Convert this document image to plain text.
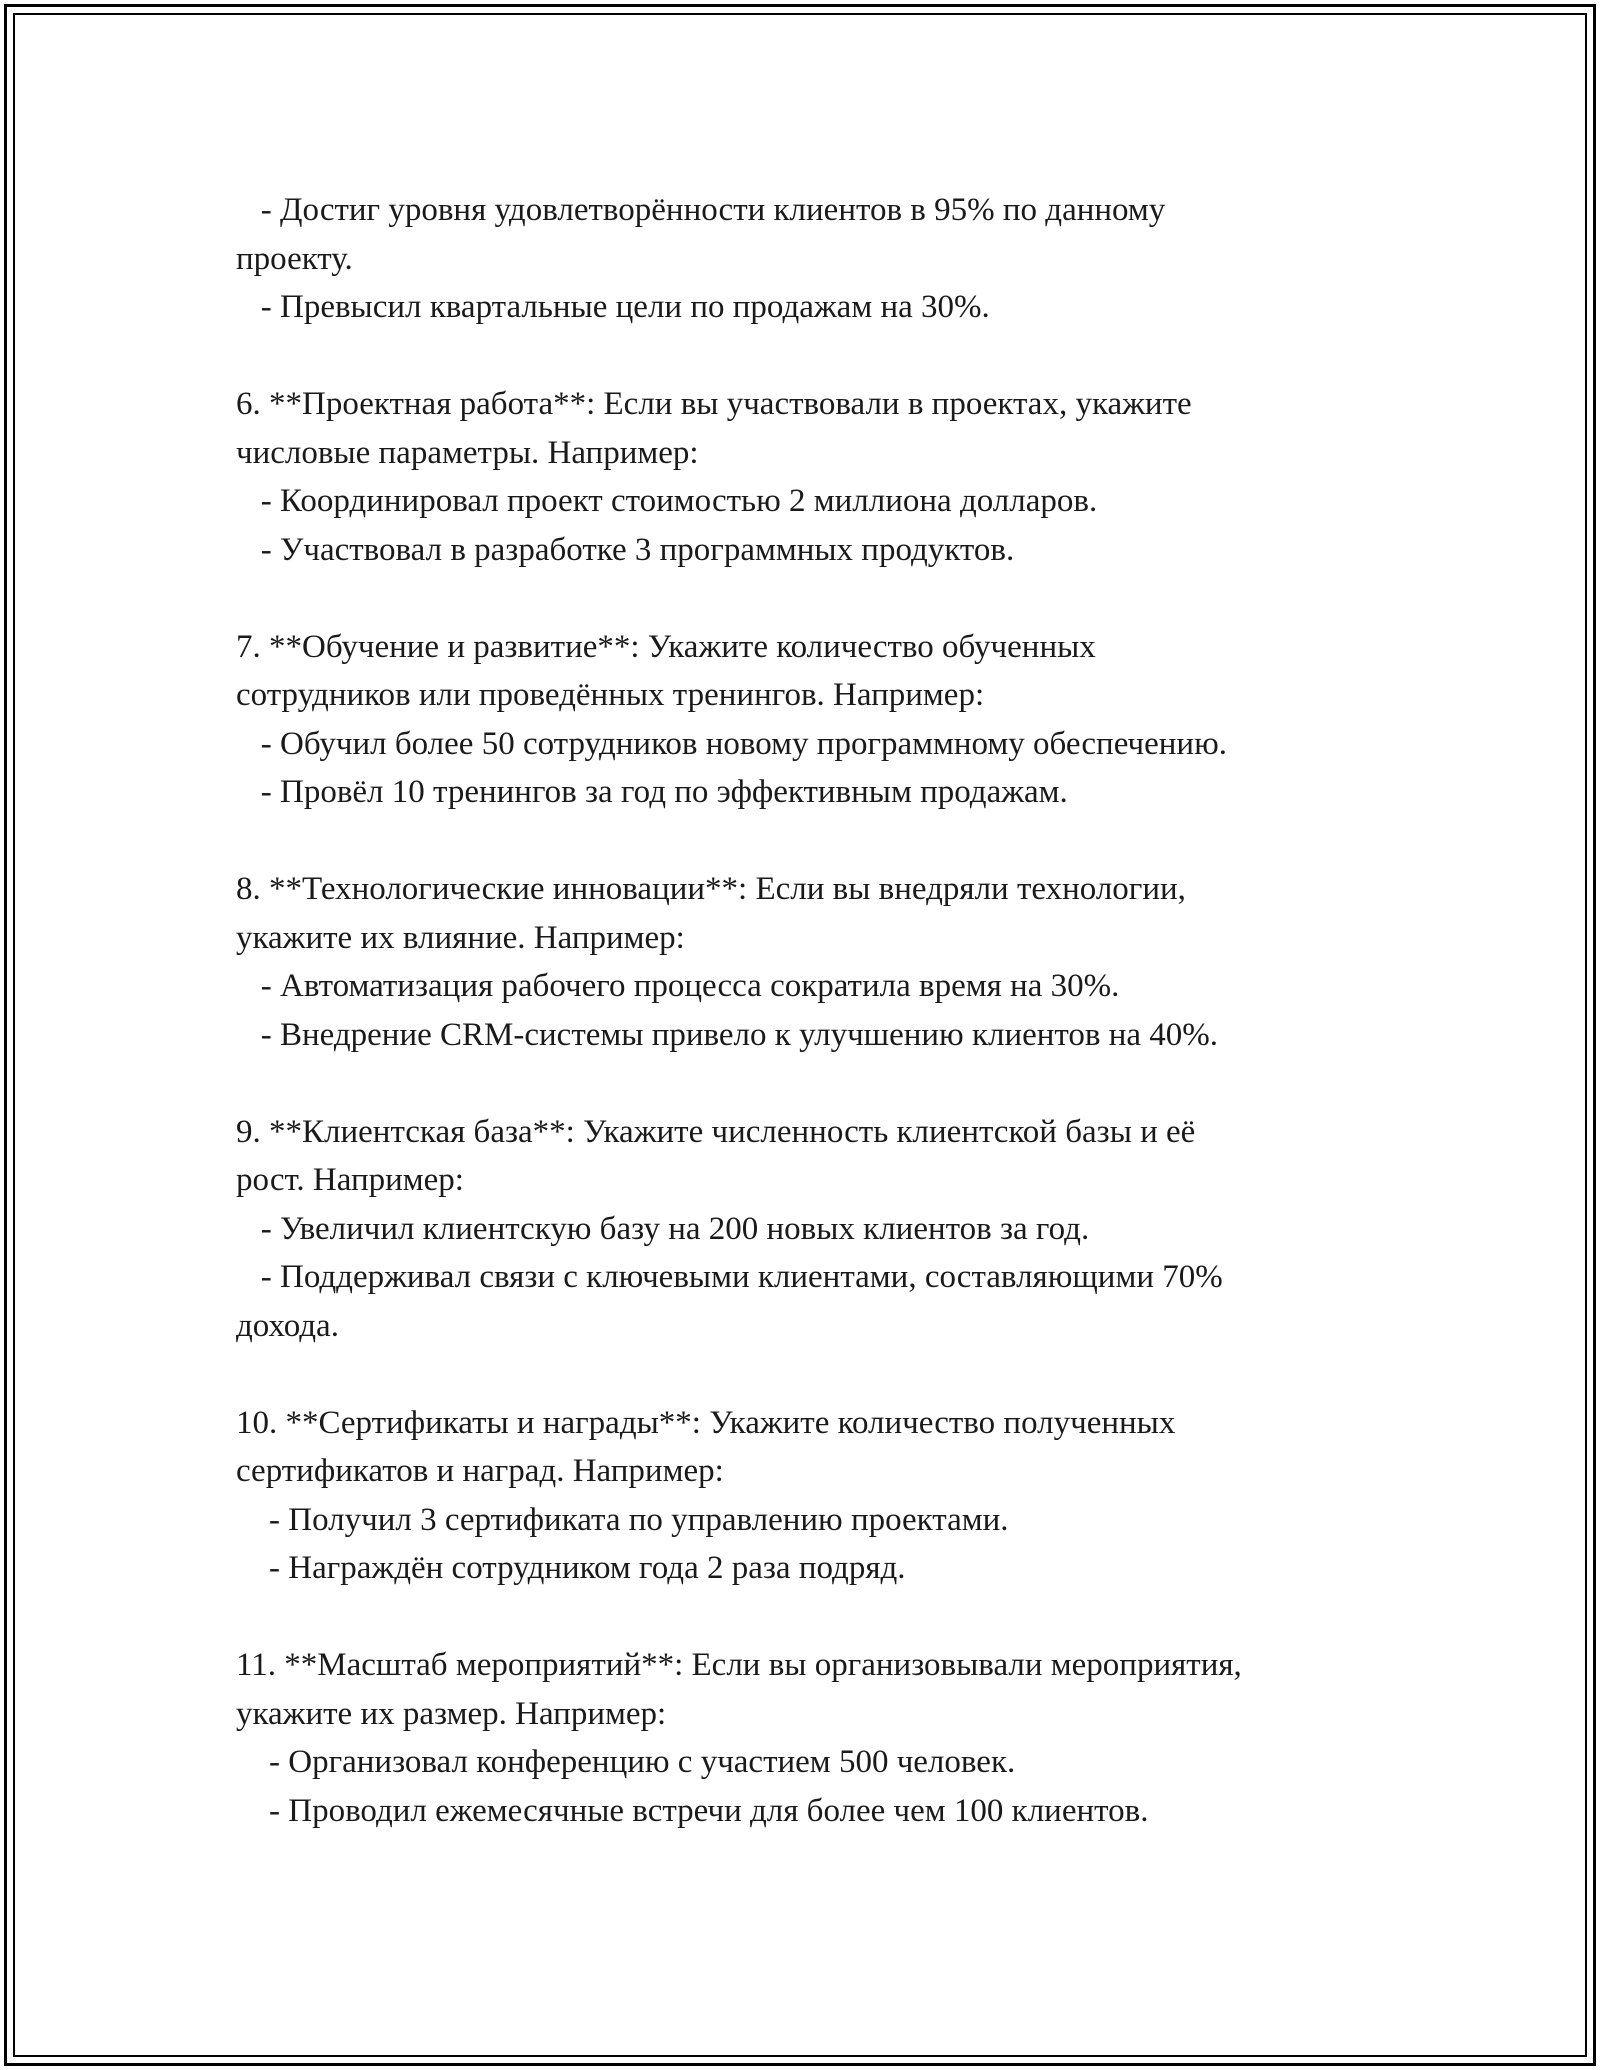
- Достиг уровня удовлетворённости клиентов в 95% по данному
проекту.
- Превысил квартальные цели по продажам на 30%.
6. **Проектная работа**: Если вы участвовали в проектах, укажите
числовые параметры. Например:
- Координировал проект стоимостью 2 миллиона долларов.
- Участвовал в разработке 3 программных продуктов.
7. **Обучение и развитие**: Укажите количество обученных
сотрудников или проведённых тренингов. Например:
- Обучил более 50 сотрудников новому программному обеспечению.
- Провёл 10 тренингов за год по эффективным продажам.
8. **Технологические инновации**: Если вы внедряли технологии,
укажите их влияние. Например:
- Автоматизация рабочего процесса сократила время на 30%.
- Внедрение CRM-системы привело к улучшению клиентов на 40%.
9. **Клиентская база**: Укажите численность клиентской базы и её
рост. Например:
- Увеличил клиентскую базу на 200 новых клиентов за год.
- Поддерживал связи с ключевыми клиентами, составляющими 70%
дохода.
10. **Сертификаты и награды**: Укажите количество полученных
сертификатов и наград. Например:
- Получил 3 сертификата по управлению проектами.
- Награждён сотрудником года 2 раза подряд.
11. **Масштаб мероприятий**: Если вы организовывали мероприятия,
укажите их размер. Например:
- Организовал конференцию с участием 500 человек.
- Проводил ежемесячные встречи для более чем 100 клиентов.
